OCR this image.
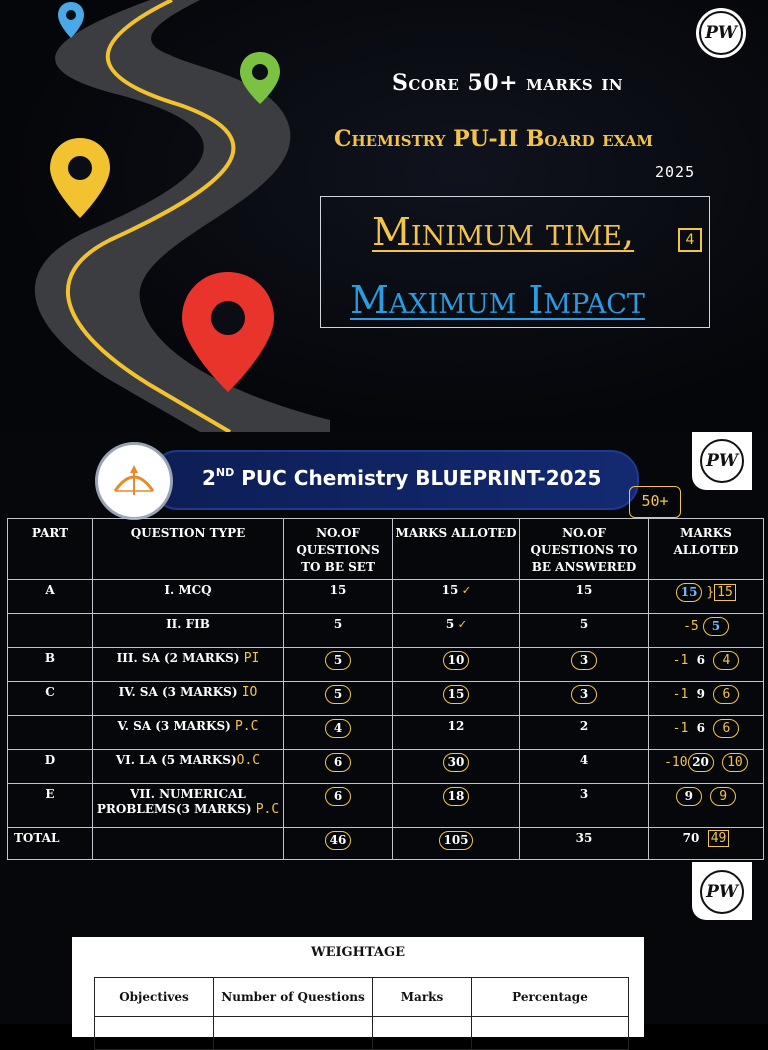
PW
Score 50+ marks in
Chemistry PU-II Board exam
2025
Minimum time,	4
Maximum Impact
PW
2ND PUC Chemistry BLUEPRINT-2025
50+
PART	QUESTION TYPE	NO.OF QUESTIONS TO BE SET	MARKS ALLOTED	NO.OF QUESTIONS TO BE ANSWERED	MARKS ALLOTED
A	I. MCQ	15	15 ✓	15	15 } 15
	II. FIB	5	5 ✓	5	-5 5
B	III. SA (2 MARKS) PI	5	10	3	-1 6 4
C	IV. SA (3 MARKS) IO	5	15	3	-1 9 6
	V. SA (3 MARKS) P.C	4	12	2	-1 6 6
D	VI. LA (5 MARKS)O.C	6	30	4	-10 20 10
E	VII. NUMERICAL PROBLEMS(3 MARKS) P.C	6	18	3	9 9
TOTAL		46	105	35	70 49
PW
WEIGHTAGE
Objectives	Number of Questions	Marks	Percentage
